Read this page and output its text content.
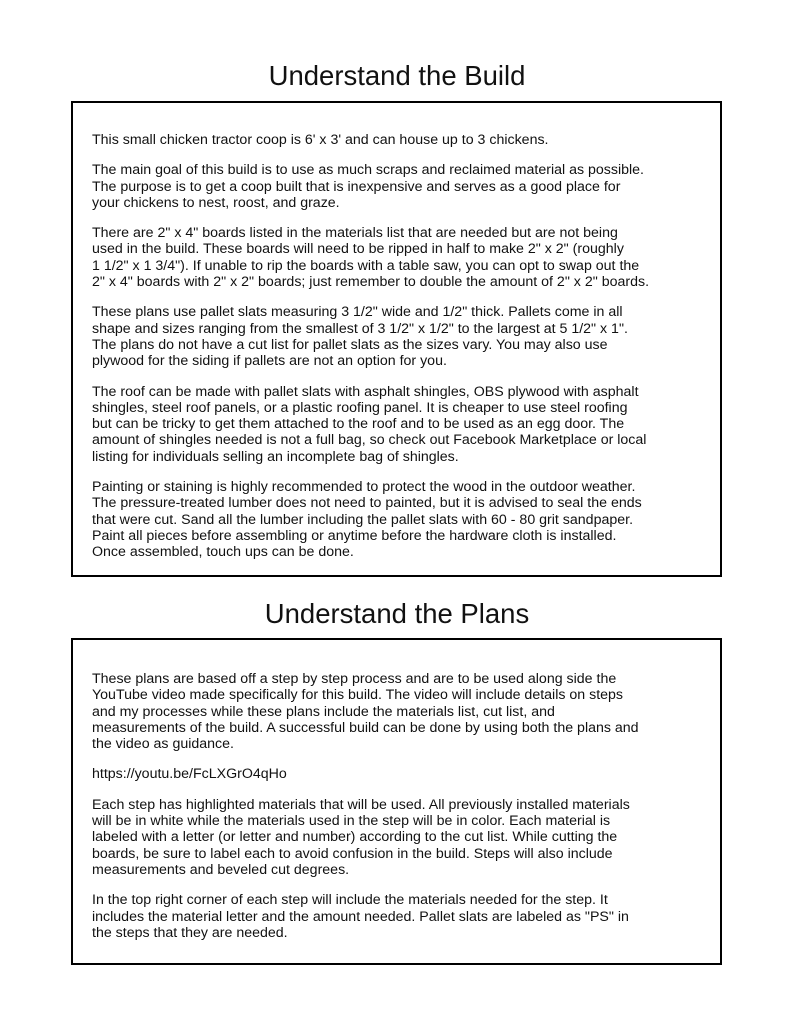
Understand the Build

This small chicken tractor coop is 6' x 3' and can house up to 3 chickens.

The main goal of this build is to use as much scraps and reclaimed material as possible.
The purpose is to get a coop built that is inexpensive and serves as a good place for
your chickens to nest, roost, and graze.

There are 2" x 4" boards listed in the materials list that are needed but are not being
used in the build. These boards will need to be ripped in half to make 2" x 2" (roughly
1 1/2" x 1 3/4"). If unable to rip the boards with a table saw, you can opt to swap out the
2" x 4" boards with 2" x 2" boards; just remember to double the amount of 2" x 2" boards.

These plans use pallet slats measuring 3 1/2" wide and 1/2" thick. Pallets come in all
shape and sizes ranging from the smallest of 3 1/2" x 1/2" to the largest at 5 1/2" x 1".
The plans do not have a cut list for pallet slats as the sizes vary. You may also use
plywood for the siding if pallets are not an option for you.

The roof can be made with pallet slats with asphalt shingles, OBS plywood with asphalt
shingles, steel roof panels, or a plastic roofing panel. It is cheaper to use steel roofing
but can be tricky to get them attached to the roof and to be used as an egg door. The
amount of shingles needed is not a full bag, so check out Facebook Marketplace or local
listing for individuals selling an incomplete bag of shingles.

Painting or staining is highly recommended to protect the wood in the outdoor weather.
The pressure-treated lumber does not need to painted, but it is advised to seal the ends
that were cut. Sand all the lumber including the pallet slats with 60 - 80 grit sandpaper.
Paint all pieces before assembling or anytime before the hardware cloth is installed.
Once assembled, touch ups can be done.

Understand the Plans

These plans are based off a step by step process and are to be used along side the
YouTube video made specifically for this build. The video will include details on steps
and my processes while these plans include the materials list, cut list, and
measurements of the build. A successful build can be done by using both the plans and
the video as guidance.

https://youtu.be/FcLXGrO4qHo

Each step has highlighted materials that will be used. All previously installed materials
will be in white while the materials used in the step will be in color. Each material is
labeled with a letter (or letter and number) according to the cut list. While cutting the
boards, be sure to label each to avoid confusion in the build. Steps will also include
measurements and beveled cut degrees.

In the top right corner of each step will include the materials needed for the step. It
includes the material letter and the amount needed. Pallet slats are labeled as "PS" in
the steps that they are needed.
